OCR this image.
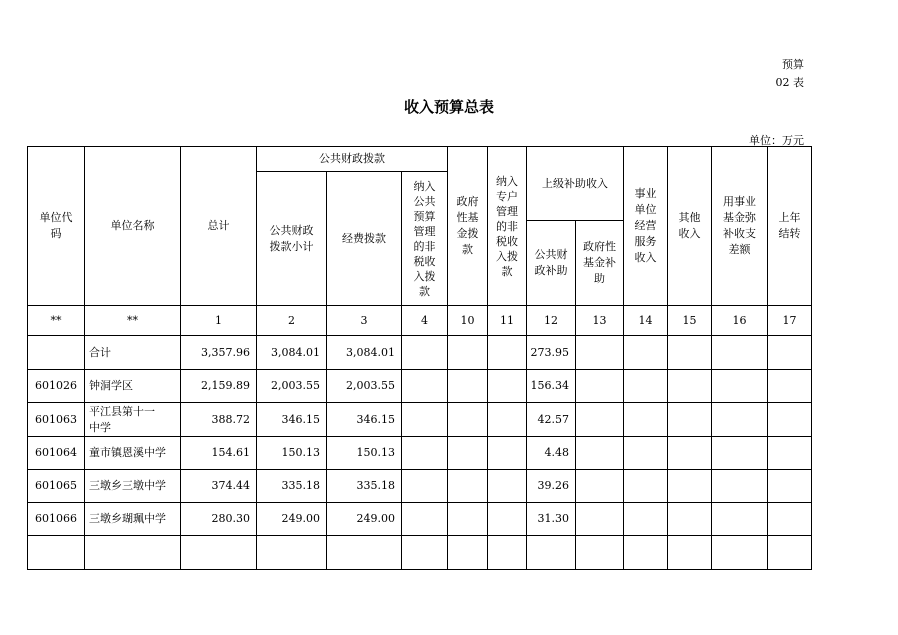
预算
02 表
收入预算总表
单位：万元
单位代码	单位名称	总计	公共财政拨款			政府性基金拨款	纳入专户管理的非税收入拨款	上级补助收入		事业单位经营服务收入	其他收入	用事业基金弥补收支差额	上年结转
			公共财政拨款小计	经费拨款	纳入公共预算管理的非税收入拨款								
								公共财政补助	政府性基金补助				
**	**	1	2	3	4	10	11	12	13	14	15	16	17
	合计	3,357.96	3,084.01	3,084.01				273.95					
601026	钟洞学区	2,159.89	2,003.55	2,003.55				156.34					
601063	平江县第十一中学	388.72	346.15	346.15				42.57					
601064	童市镇恩溪中学	154.61	150.13	150.13				4.48					
601065	三墩乡三墩中学	374.44	335.18	335.18				39.26					
601066	三墩乡瑚珮中学	280.30	249.00	249.00				31.30					
